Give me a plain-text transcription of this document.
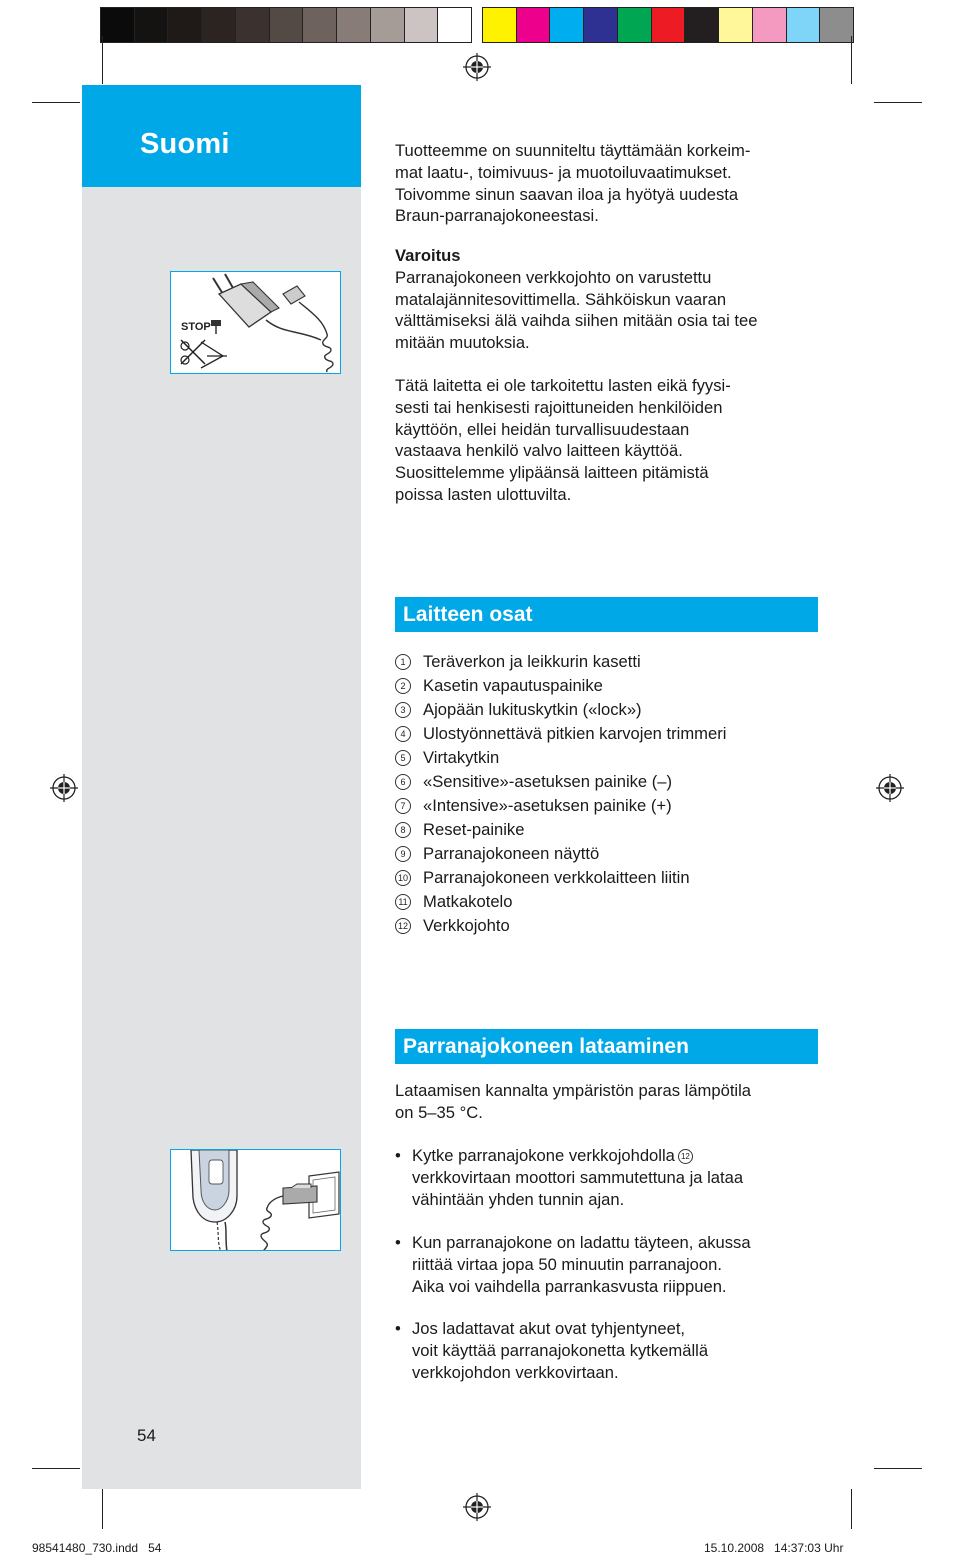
Suomi
STOP

Tuotteemme on suunniteltu täyttämään korkeim-

mat laatu-, toimivuus- ja muotoiluvaatimukset.

Toivomme sinun saavan iloa ja hyötyä uudesta

Braun-parranajokoneestasi.

Varoitus

Parranajokoneen verkkojohto on varustettu

matalajännitesovittimella. Sähköiskun vaaran

välttämiseksi älä vaihda siihen mitään osia tai tee

mitään muutoksia.

Tätä laitetta ei ole tarkoitettu lasten eikä fyysi-

sesti tai henkisesti rajoittuneiden henkilöiden

käyttöön, ellei heidän turvallisuudestaan

vastaava henkilö valvo laitteen käyttöä.

Suosittelemme ylipäänsä laitteen pitämistä

poissa lasten ulottuvilta.

Laitteen osat
1	Teräverkon ja leikkurin kasetti
2	Kasetin vapautuspainike
3	Ajopään lukituskytkin («lock»)
4	Ulostyönnettävä pitkien karvojen trimmeri
5	Virtakytkin
6	«Sensitive»-asetuksen painike (–)
7	«Intensive»-asetuksen painike (+)
8	Reset-painike
9	Parranajokoneen näyttö
10 Parranajokoneen verkkolaitteen liitin
11 Matkakotelo
12 Verkkojohto
Parranajokoneen lataaminen

Lataamisen kannalta ympäristön paras lämpötila

on 5–35 °C.

• Kytke parranajokone verkkojohdolla 12
verkkovirtaan moottori sammutettuna ja lataa
vähintään yhden tunnin ajan.
• Kun parranajokone on ladattu täyteen, akussa
riittää virtaa jopa 50 minuutin parranajoon.
Aika voi vaihdella parrankasvusta riippuen.
• Jos ladattavat akut ovat tyhjentyneet,
voit käyttää parranajokonetta kytkemällä
verkkojohdon verkkovirtaan.
54
98541480_730.indd   54	15.10.2008   14:37:03 Uhr
